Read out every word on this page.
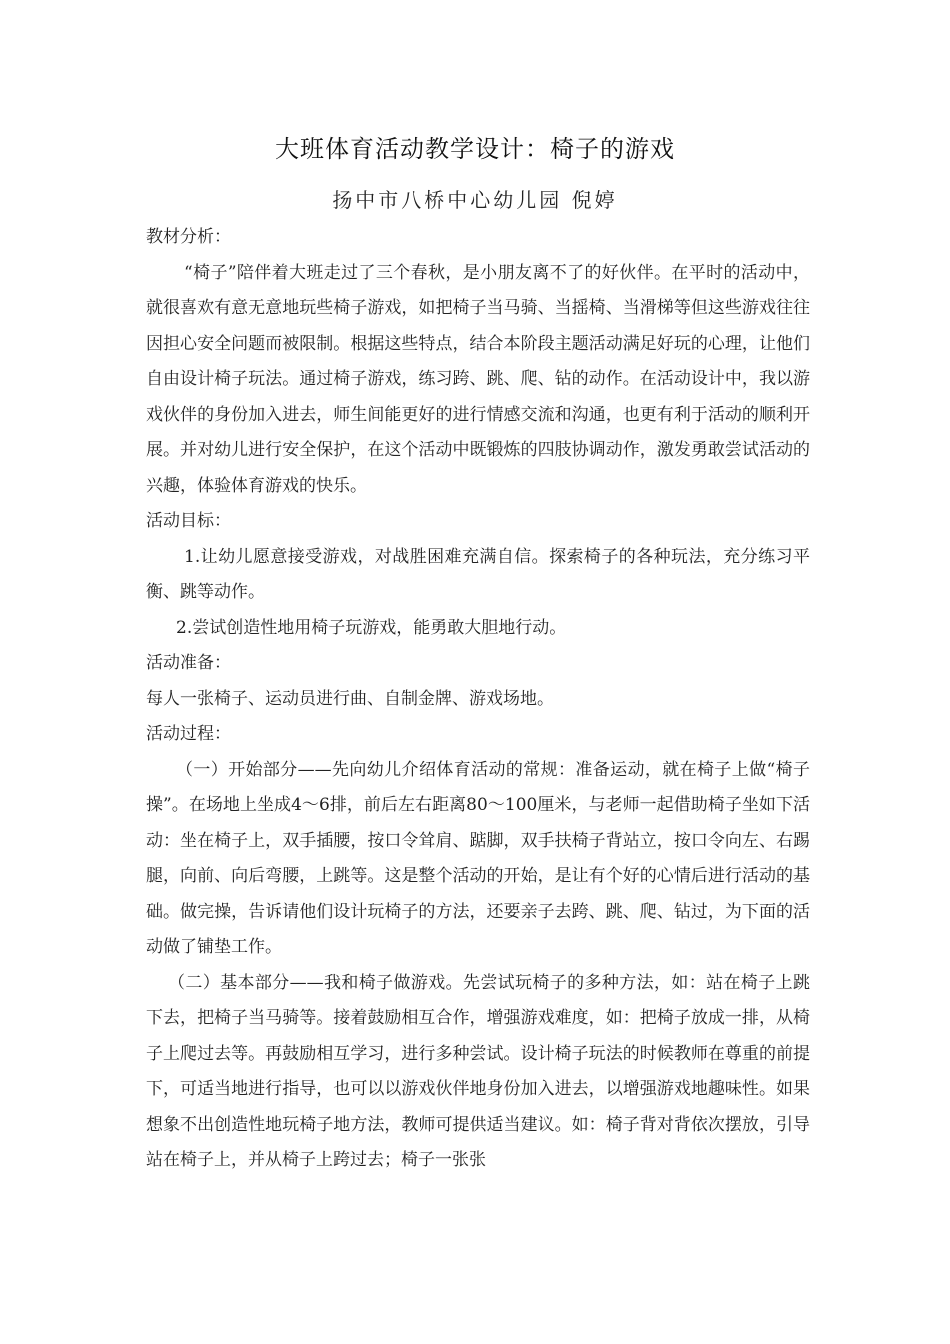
大班体育活动教学设计：椅子的游戏
扬中市八桥中心幼儿园 倪婷

教材分析：

“椅子”陪伴着大班走过了三个春秋，是小朋友离不了的好伙伴。在平时的活动中，就很喜欢有意无意地玩些椅子游戏，如把椅子当马骑、当摇椅、当滑梯等但这些游戏往往因担心安全问题而被限制。根据这些特点，结合本阶段主题活动满足好玩的心理，让他们自由设计椅子玩法。通过椅子游戏，练习跨、跳、爬、钻的动作。在活动设计中，我以游戏伙伴的身份加入进去，师生间能更好的进行情感交流和沟通，也更有利于活动的顺利开展。并对幼儿进行安全保护，在这个活动中既锻炼的四肢协调动作，激发勇敢尝试活动的兴趣，体验体育游戏的快乐。

活动目标：

1.让幼儿愿意接受游戏，对战胜困难充满自信。探索椅子的各种玩法，充分练习平衡、跳等动作。

2.尝试创造性地用椅子玩游戏，能勇敢大胆地行动。

活动准备：

每人一张椅子、运动员进行曲、自制金牌、游戏场地。

活动过程：

（一）开始部分——先向幼儿介绍体育活动的常规：准备运动，就在椅子上做“椅子操”。在场地上坐成4～6排，前后左右距离80～100厘米，与老师一起借助椅子坐如下活动：坐在椅子上，双手插腰，按口令耸肩、踮脚，双手扶椅子背站立，按口令向左、右踢腿，向前、向后弯腰，上跳等。这是整个活动的开始，是让有个好的心情后进行活动的基础。做完操，告诉请他们设计玩椅子的方法，还要亲子去跨、跳、爬、钻过，为下面的活动做了铺垫工作。

（二）基本部分——我和椅子做游戏。先尝试玩椅子的多种方法，如：站在椅子上跳下去，把椅子当马骑等。接着鼓励相互合作，增强游戏难度，如：把椅子放成一排，从椅子上爬过去等。再鼓励相互学习，进行多种尝试。设计椅子玩法的时候教师在尊重的前提下，可适当地进行指导，也可以以游戏伙伴地身份加入进去，以增强游戏地趣味性。如果想象不出创造性地玩椅子地方法，教师可提供适当建议。如：椅子背对背依次摆放，引导站在椅子上，并从椅子上跨过去；椅子一张张
